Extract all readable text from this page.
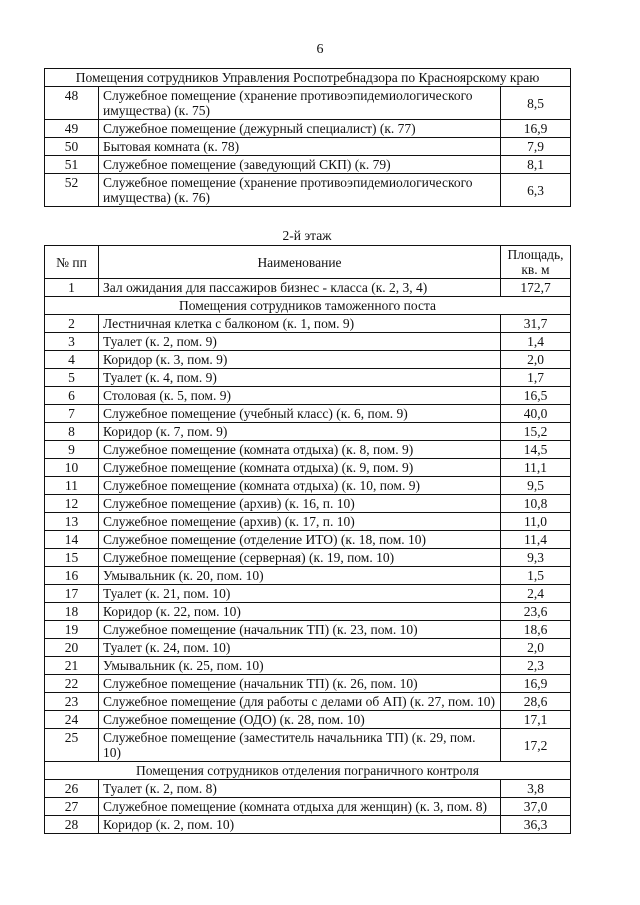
6
Помещения сотрудников Управления Роспотребнадзора по Красноярскому краю		
48	Служебное помещение (хранение противоэпидемиологического имущества) (к. 75)	8,5
49	Служебное помещение (дежурный специалист) (к. 77)	16,9
50	Бытовая комната (к. 78)	7,9
51	Служебное помещение (заведующий СКП) (к. 79)	8,1
52	Служебное помещение (хранение противоэпидемиологического имущества) (к. 76)	6,3
2-й этаж
№ пп	Наименование	Площадь, кв. м
1	Зал ожидания для пассажиров бизнес - класса (к. 2, 3, 4)	172,7
Помещения сотрудников таможенного поста		
2	Лестничная клетка с балконом (к. 1, пом. 9)	31,7
3	Туалет (к. 2, пом. 9)	1,4
4	Коридор (к. 3, пом. 9)	2,0
5	Туалет (к. 4, пом. 9)	1,7
6	Столовая (к. 5, пом. 9)	16,5
7	Служебное помещение (учебный класс) (к. 6, пом. 9)	40,0
8	Коридор (к. 7, пом. 9)	15,2
9	Служебное помещение (комната отдыха) (к. 8, пом. 9)	14,5
10	Служебное помещение (комната отдыха) (к. 9, пом. 9)	11,1
11	Служебное помещение (комната отдыха) (к. 10, пом. 9)	9,5
12	Служебное помещение (архив) (к. 16, п. 10)	10,8
13	Служебное помещение (архив) (к. 17, п. 10)	11,0
14	Служебное помещение (отделение ИТО) (к. 18, пом. 10)	11,4
15	Служебное помещение (серверная) (к. 19, пом. 10)	9,3
16	Умывальник (к. 20, пом. 10)	1,5
17	Туалет (к. 21, пом. 10)	2,4
18	Коридор (к. 22, пом. 10)	23,6
19	Служебное помещение (начальник ТП) (к. 23, пом. 10)	18,6
20	Туалет (к. 24, пом. 10)	2,0
21	Умывальник (к. 25, пом. 10)	2,3
22	Служебное помещение (начальник ТП) (к. 26, пом. 10)	16,9
23	Служебное помещение (для работы с делами об АП) (к. 27, пом. 10)	28,6
24	Служебное помещение (ОДО) (к. 28, пом. 10)	17,1
25	Служебное помещение (заместитель начальника ТП) (к. 29, пом. 10)	17,2
Помещения сотрудников отделения пограничного контроля		
26	Туалет (к. 2, пом. 8)	3,8
27	Служебное помещение (комната отдыха для женщин) (к. 3, пом. 8)	37,0
28	Коридор (к. 2, пом. 10)	36,3
